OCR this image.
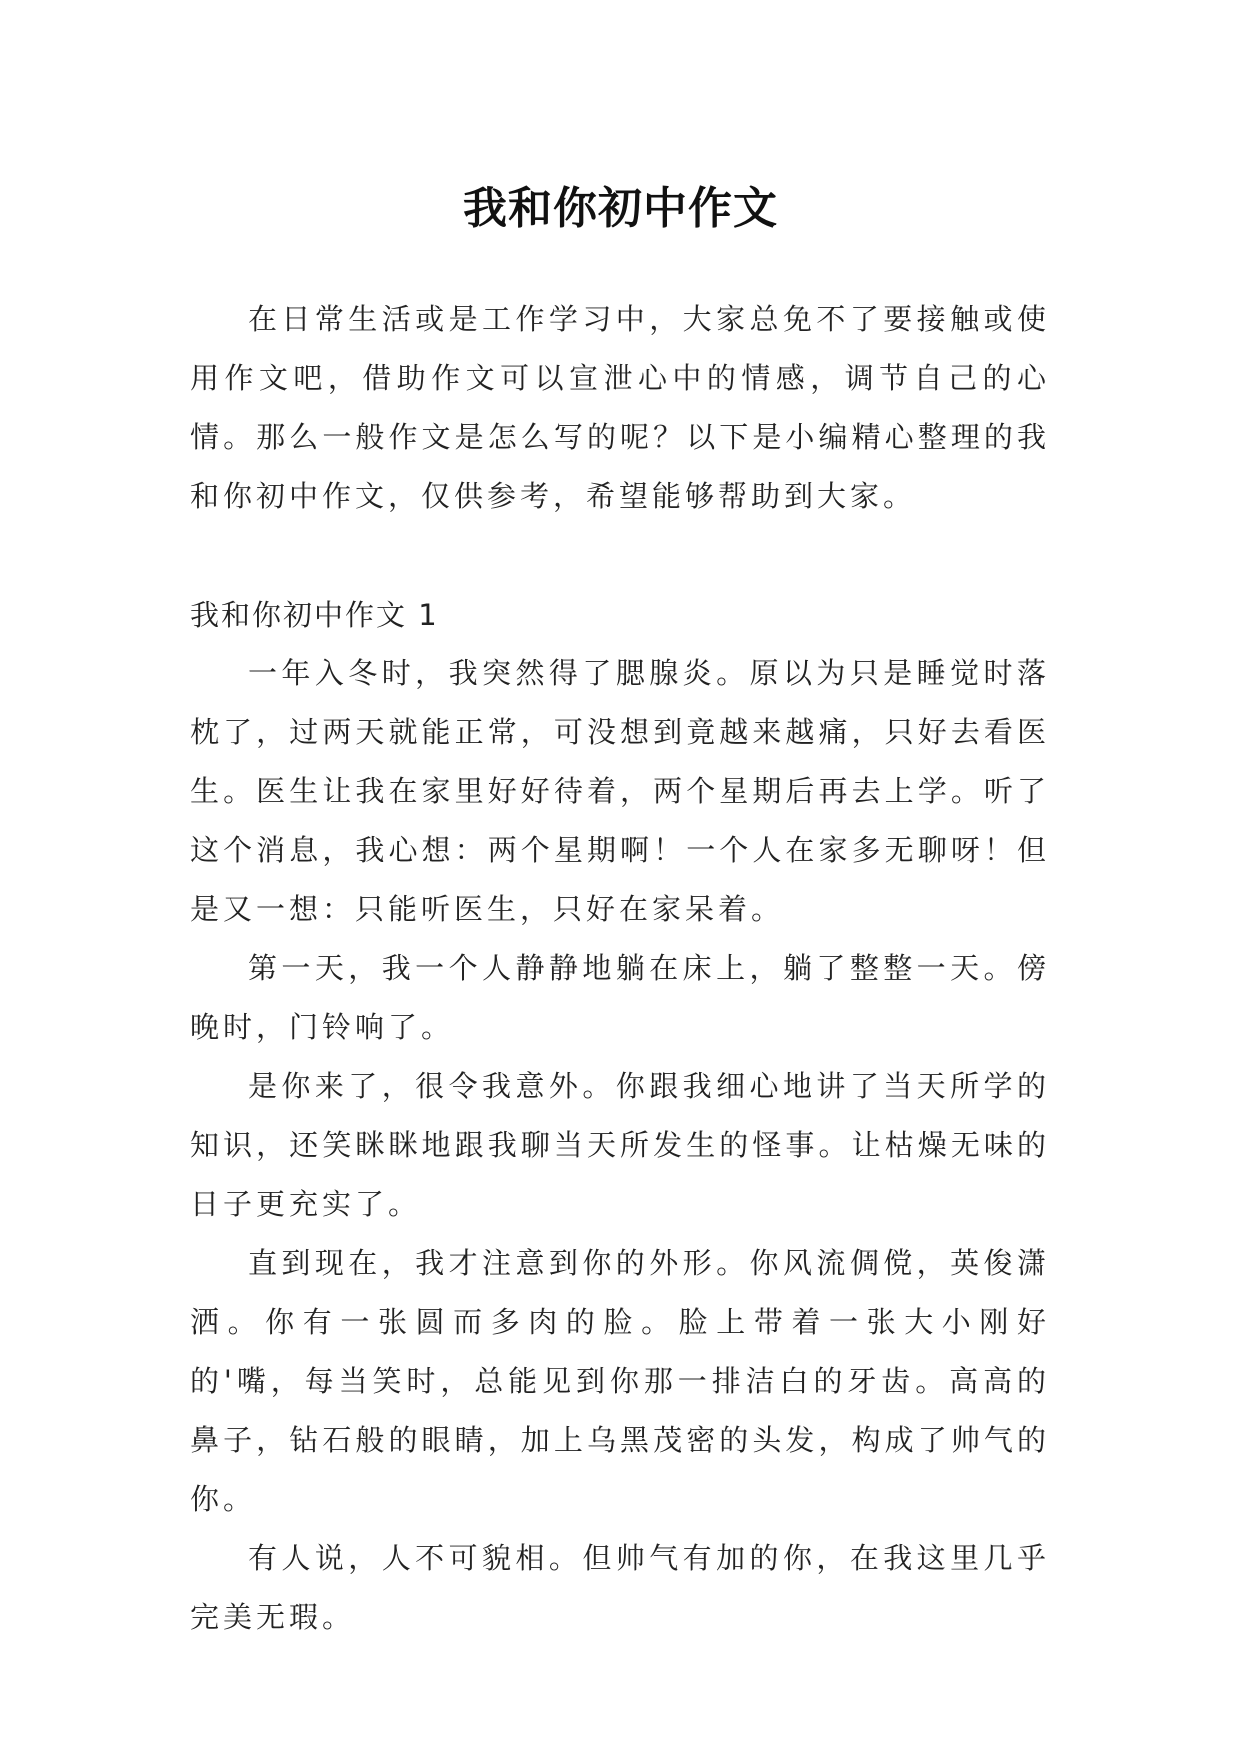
我和你初中作文

在日常生活或是工作学习中，大家总免不了要接触或使用作文吧，借助作文可以宣泄心中的情感，调节自己的心情。那么一般作文是怎么写的呢？以下是小编精心整理的我和你初中作文，仅供参考，希望能够帮助到大家。

我和你初中作文 1

一年入冬时，我突然得了腮腺炎。原以为只是睡觉时落枕了，过两天就能正常，可没想到竟越来越痛，只好去看医生。医生让我在家里好好待着，两个星期后再去上学。听了这个消息，我心想：两个星期啊！一个人在家多无聊呀！但是又一想：只能听医生，只好在家呆着。

第一天，我一个人静静地躺在床上，躺了整整一天。傍晚时，门铃响了。

是你来了，很令我意外。你跟我细心地讲了当天所学的知识，还笑眯眯地跟我聊当天所发生的怪事。让枯燥无味的日子更充实了。

直到现在，我才注意到你的外形。你风流倜傥，英俊潇洒。你有一张圆而多肉的脸。脸上带着一张大小刚好的'嘴，每当笑时，总能见到你那一排洁白的牙齿。高高的鼻子，钻石般的眼睛，加上乌黑茂密的头发，构成了帅气的你。

有人说，人不可貌相。但帅气有加的你，在我这里几乎完美无瑕。
